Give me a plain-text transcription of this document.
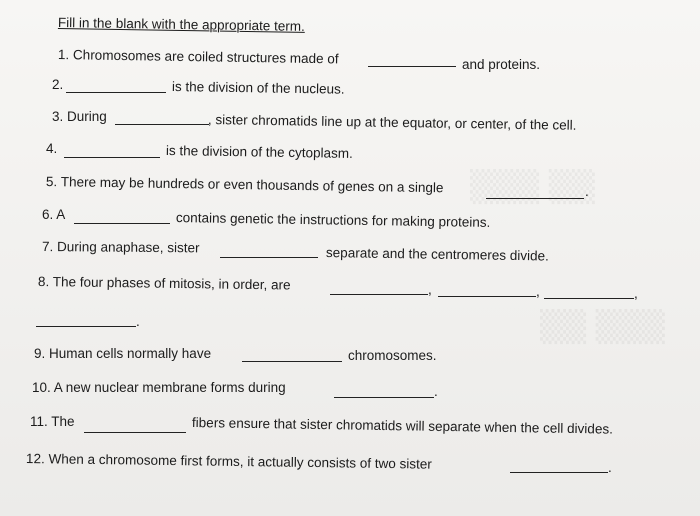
Fill in the blank with the appropriate term.
1. Chromosomes are coiled structures made of	and proteins.
2.	is the division of the nucleus.
3. During	, sister chromatids line up at the equator, or center, of the cell.
4.	is the division of the cytoplasm.
5. There may be hundreds or even thousands of genes on a single	.
6. A	contains genetic the instructions for making proteins.
7. During anaphase, sister	separate and the centromeres divide.
8. The four phases of mitosis, in order, are	,	,	,
.
9. Human cells normally have	chromosomes.
10. A new nuclear membrane forms during	.
11. The	fibers ensure that sister chromatids will separate when the cell divides.
12. When a chromosome first forms, it actually consists of two sister	.
